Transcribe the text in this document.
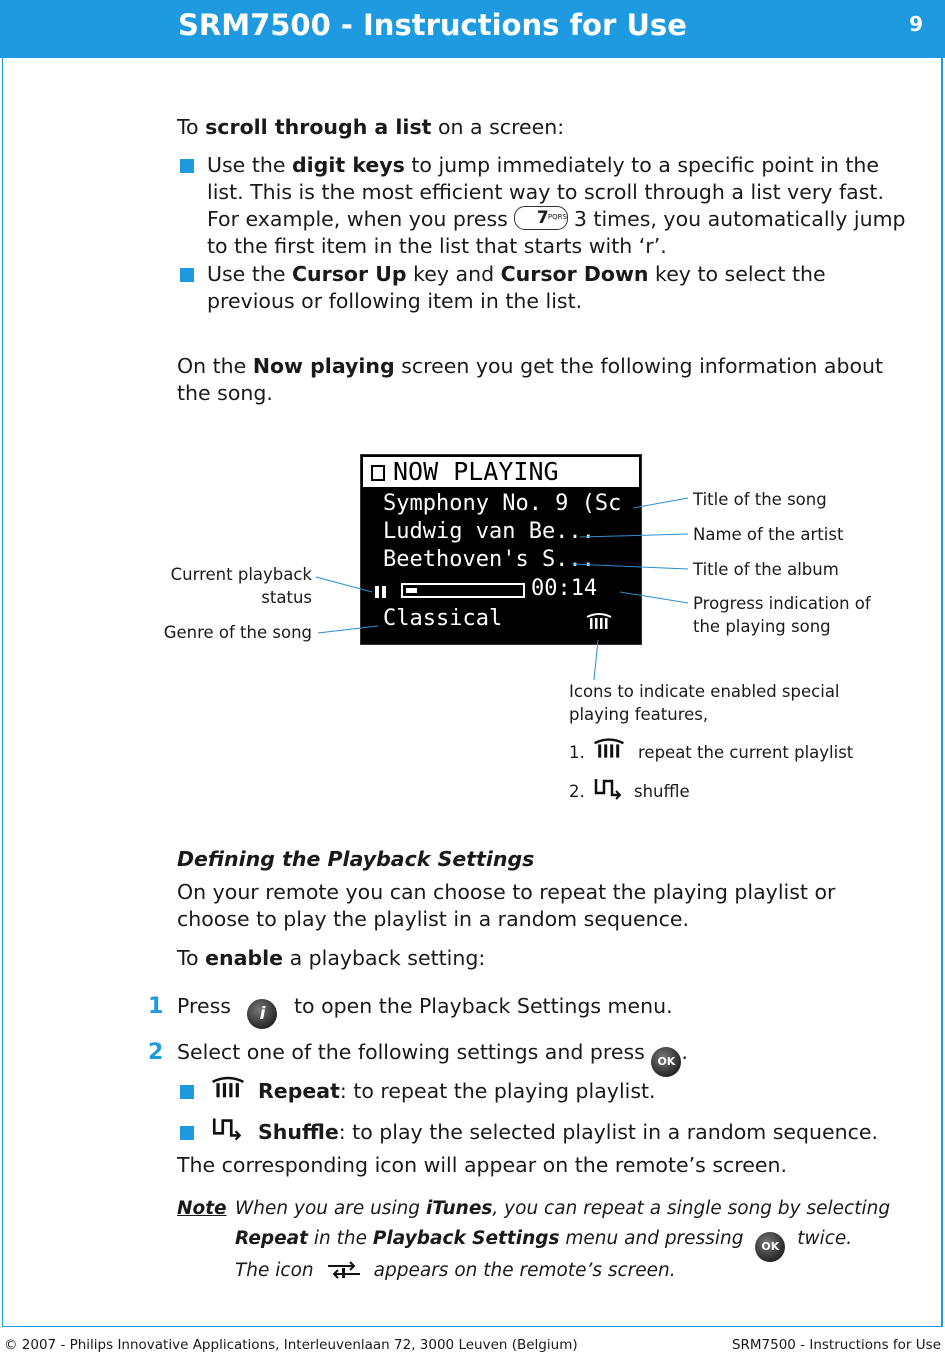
SRM7500 - Instructions for Use	9
To scroll through a list on a screen:
Use the digit keys to jump immediately to a specific point in the
list. This is the most efficient way to scroll through a list very fast.
For example, when you press 7 PQRS 3 times, you automatically jump
to the first item in the list that starts with ‘r’.
Use the Cursor Up key and Cursor Down key to select the
previous or following item in the list.
On the Now playing screen you get the following information about
the song.
NOW PLAYING
Symphony No. 9 (Sc
Ludwig van Be...
Beethoven's S...
00:14
Classical
Title of the song
Name of the artist
Title of the album
Progress indication of
the playing song
Current playback
status
Genre of the song
Icons to indicate enabled special
playing features,
1.	repeat the current playlist
2.	shuffle
Defining the Playback Settings
On your remote you can choose to repeat the playing playlist or
choose to play the playlist in a random sequence.
To enable a playback setting:
1 Press i to open the Playback Settings menu.
2 Select one of the following settings and press OK .
Repeat: to repeat the playing playlist.
Shuffle: to play the selected playlist in a random sequence.
The corresponding icon will appear on the remote’s screen.
Note When you are using iTunes, you can repeat a single song by selecting
Repeat in the Playback Settings menu and pressing OK twice.
The icon	appears on the remote’s screen.
© 2007 - Philips Innovative Applications, Interleuvenlaan 72, 3000 Leuven (Belgium)	SRM7500 - Instructions for Use
